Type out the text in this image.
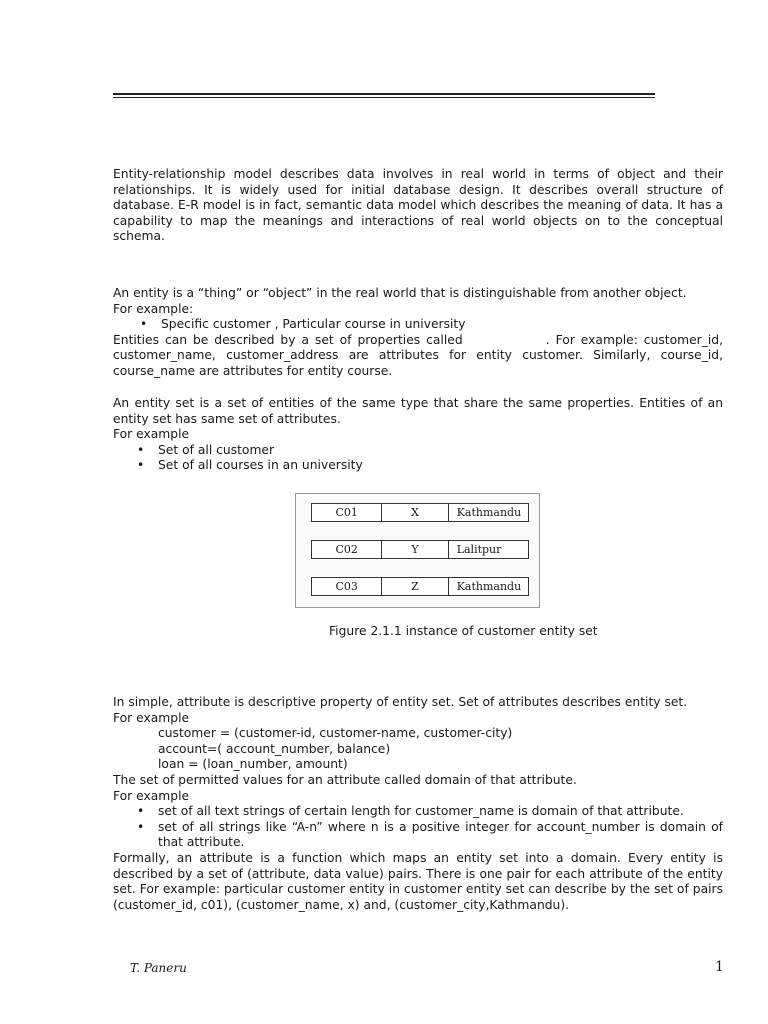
Entity-relationship model describes data involves in real world in terms of object and their relationships. It is widely used for initial database design. It describes overall structure of database. E-R model is in fact, semantic data model which describes the meaning of data. It has a capability to map the meanings and interactions of real world objects on to the conceptual schema.

An entity is a “thing” or “object” in the real world that is distinguishable from another object.

For example:

• Specific customer , Particular course in university

Entities can be described by a set of properties called              . For example: customer_id, customer_name, customer_address are attributes for entity customer. Similarly, course_id, course_name are attributes for entity course.

An entity set is a set of entities of the same type that share the same properties. Entities of an entity set has same set of attributes.

For example

• Set of all customer
• Set of all courses in an university
C01	X	Kathmandu
C02	Y	Lalitpur
C03	Z	Kathmandu
Figure 2.1.1 instance of customer entity set

In simple, attribute is descriptive property of entity set. Set of attributes describes entity set.

For example

customer = (customer-id, customer-name, customer-city)

account=( account_number, balance)

loan = (loan_number, amount)

The set of permitted values for an attribute called domain of that attribute.

For example

• set of all text strings of certain length for customer_name is domain of that attribute.
• set of all strings like “A-n” where n is a positive integer for account_number is domain of that attribute.

Formally, an attribute is a function which maps an entity set into a domain. Every entity is described by a set of (attribute, data value) pairs. There is one pair for each attribute of the entity set. For example: particular customer entity in customer entity set can describe by the set of pairs (customer_id, c01), (customer_name, x) and, (customer_city,Kathmandu).

T. Paneru	1
